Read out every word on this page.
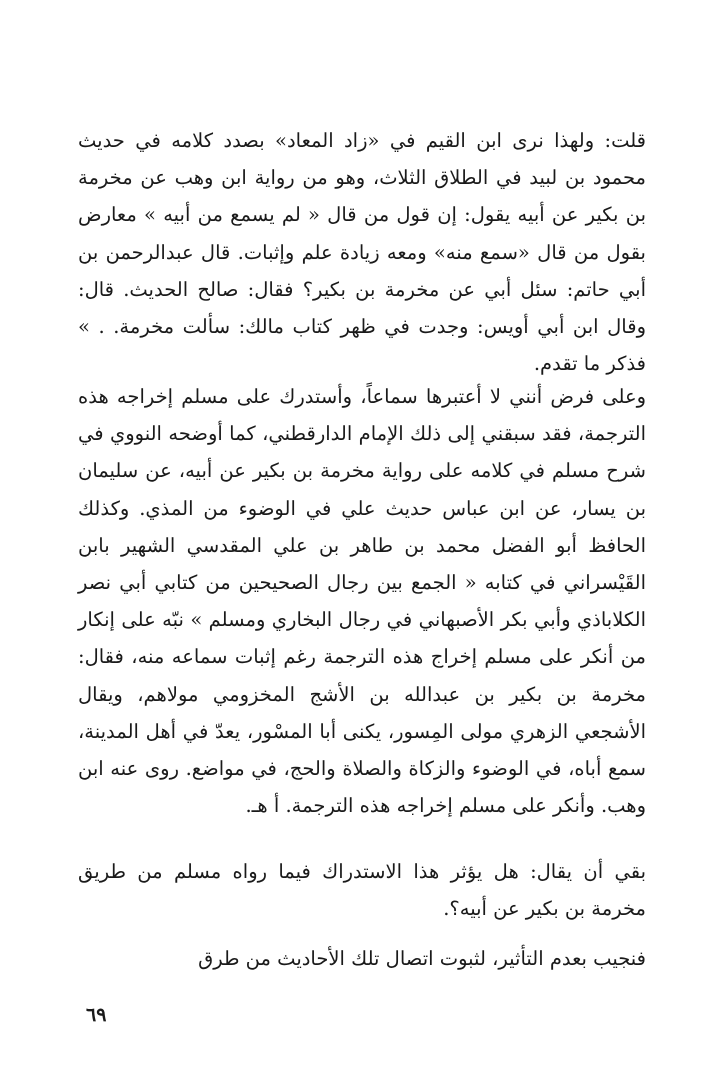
قلت: ولهذا نرى ابن القيم في «زاد المعاد» بصدد كلامه في حديث محمود بن لبيد في الطلاق الثلاث، وهو من رواية ابن وهب عن مخرمة بن بكير عن أبيه يقول: إن قول من قال « لم يسمع من أبيه » معارض بقول من قال «سمع منه» ومعه زيادة علم وإثبات. قال عبدالرحمن بن أبي حاتم: سئل أبي عن مخرمة بن بكير؟ فقال: صالح الحديث. قال: وقال ابن أبي أويس: وجدت في ظهر كتاب مالك: سألت مخرمة. . » فذكر ما تقدم.

وعلى فرض أنني لا أعتبرها سماعاً، وأستدرك على مسلم إخراجه هذه الترجمة، فقد سبقني إلى ذلك الإمام الدارقطني، كما أوضحه النووي في شرح مسلم في كلامه على رواية مخرمة بن بكير عن أبيه، عن سليمان بن يسار، عن ابن عباس حديث علي في الوضوء من المذي. وكذلك الحافظ أبو الفضل محمد بن طاهر بن علي المقدسي الشهير بابن القَيْسراني في كتابه « الجمع بين رجال الصحيحين من كتابي أبي نصر الكلاباذي وأبي بكر الأصبهاني في رجال البخاري ومسلم » نبّه على إنكار من أنكر على مسلم إخراج هذه الترجمة رغم إثبات سماعه منه، فقال: مخرمة بن بكير بن عبدالله بن الأشج المخزومي مولاهم، ويقال الأشجعي الزهري مولى المِسور، يكنى أبا المسْور، يعدّ في أهل المدينة، سمع أباه، في الوضوء والزكاة والصلاة والحج، في مواضع. روى عنه ابن وهب. وأنكر على مسلم إخراجه هذه الترجمة. أ هـ.

بقي أن يقال: هل يؤثر هذا الاستدراك فيما رواه مسلم من طريق مخرمة بن بكير عن أبيه؟.

فنجيب بعدم التأثير، لثبوت اتصال تلك الأحاديث من طرق

٦٩
